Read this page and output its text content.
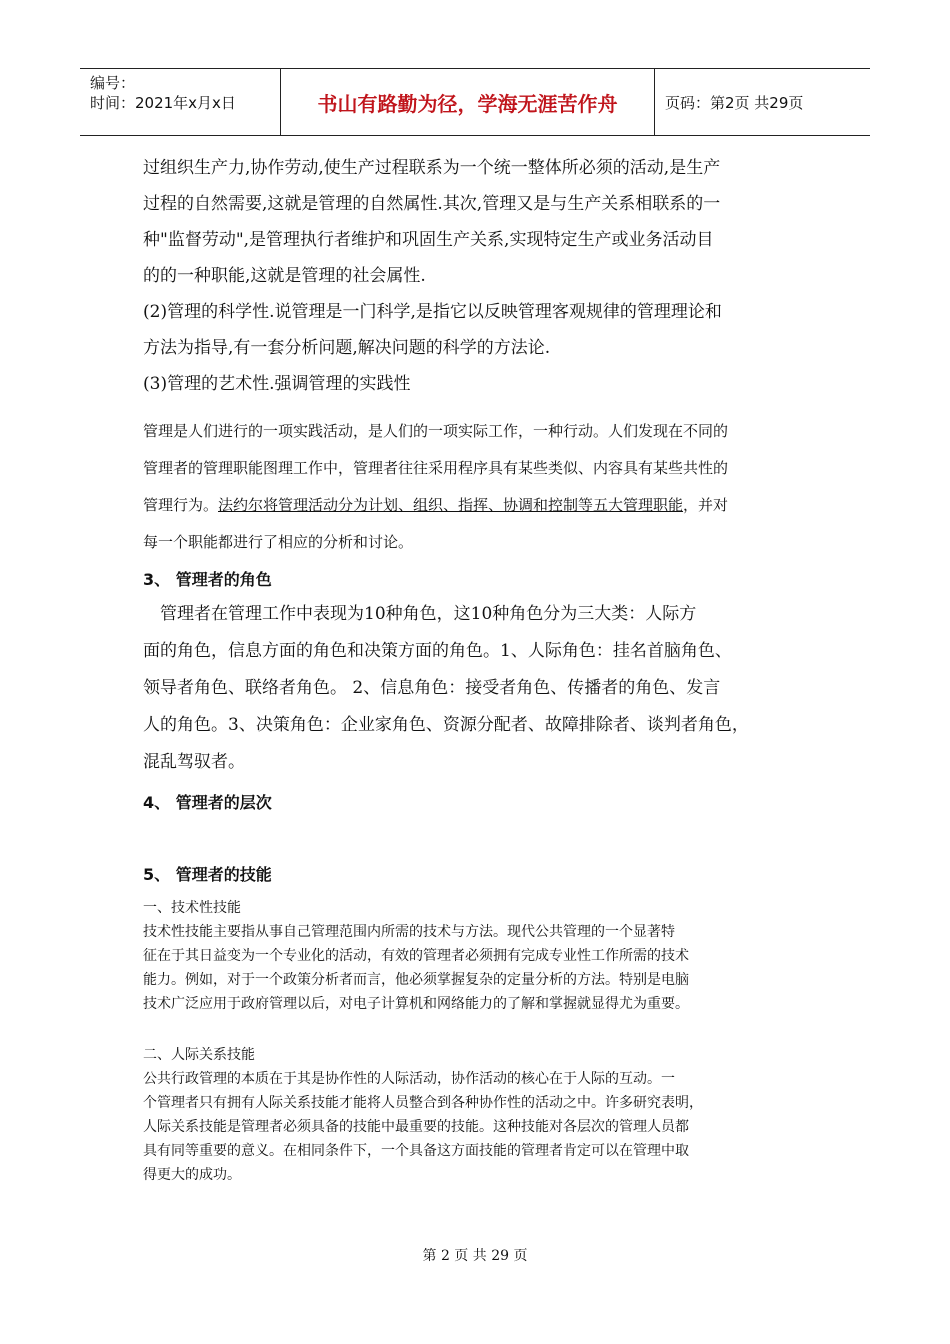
编号：
时间：2021年x月x日	书山有路勤为径，学海无涯苦作舟	页码：第2页 共29页

过组织生产力,协作劳动,使生产过程联系为一个统一整体所必须的活动,是生产

过程的自然需要,这就是管理的自然属性.其次,管理又是与生产关系相联系的一

种"监督劳动",是管理执行者维护和巩固生产关系,实现特定生产或业务活动目

的的一种职能,这就是管理的社会属性.

(2)管理的科学性.说管理是一门科学,是指它以反映管理客观规律的管理理论和

方法为指导,有一套分析问题,解决问题的科学的方法论.

(3)管理的艺术性.强调管理的实践性

管理是人们进行的一项实践活动，是人们的一项实际工作，一种行动。人们发现在不同的

管理者的管理职能图理工作中，管理者往往采用程序具有某些类似、内容具有某些共性的

管理行为。法约尔将管理活动分为计划、组织、指挥、协调和控制等五大管理职能，并对

每一个职能都进行了相应的分析和讨论。

3、 管理者的角色

　管理者在管理工作中表现为10种角色，这10种角色分为三大类：人际方

面的角色，信息方面的角色和决策方面的角色。1、人际角色：挂名首脑角色、

领导者角色、联络者角色。 2、信息角色：接受者角色、传播者的角色、发言

人的角色。3、决策角色：企业家角色、资源分配者、故障排除者、谈判者角色，

混乱驾驭者。

4、 管理者的层次

5、 管理者的技能

一、技术性技能

技术性技能主要指从事自己管理范围内所需的技术与方法。现代公共管理的一个显著特

征在于其日益变为一个专业化的活动，有效的管理者必须拥有完成专业性工作所需的技术

能力。例如，对于一个政策分析者而言，他必须掌握复杂的定量分析的方法。特别是电脑

技术广泛应用于政府管理以后，对电子计算机和网络能力的了解和掌握就显得尤为重要。

二、人际关系技能

公共行政管理的本质在于其是协作性的人际活动，协作活动的核心在于人际的互动。一

个管理者只有拥有人际关系技能才能将人员整合到各种协作性的活动之中。许多研究表明，

人际关系技能是管理者必须具备的技能中最重要的技能。这种技能对各层次的管理人员都

具有同等重要的意义。在相同条件下，一个具备这方面技能的管理者肯定可以在管理中取

得更大的成功。

第 2 页 共 29 页
